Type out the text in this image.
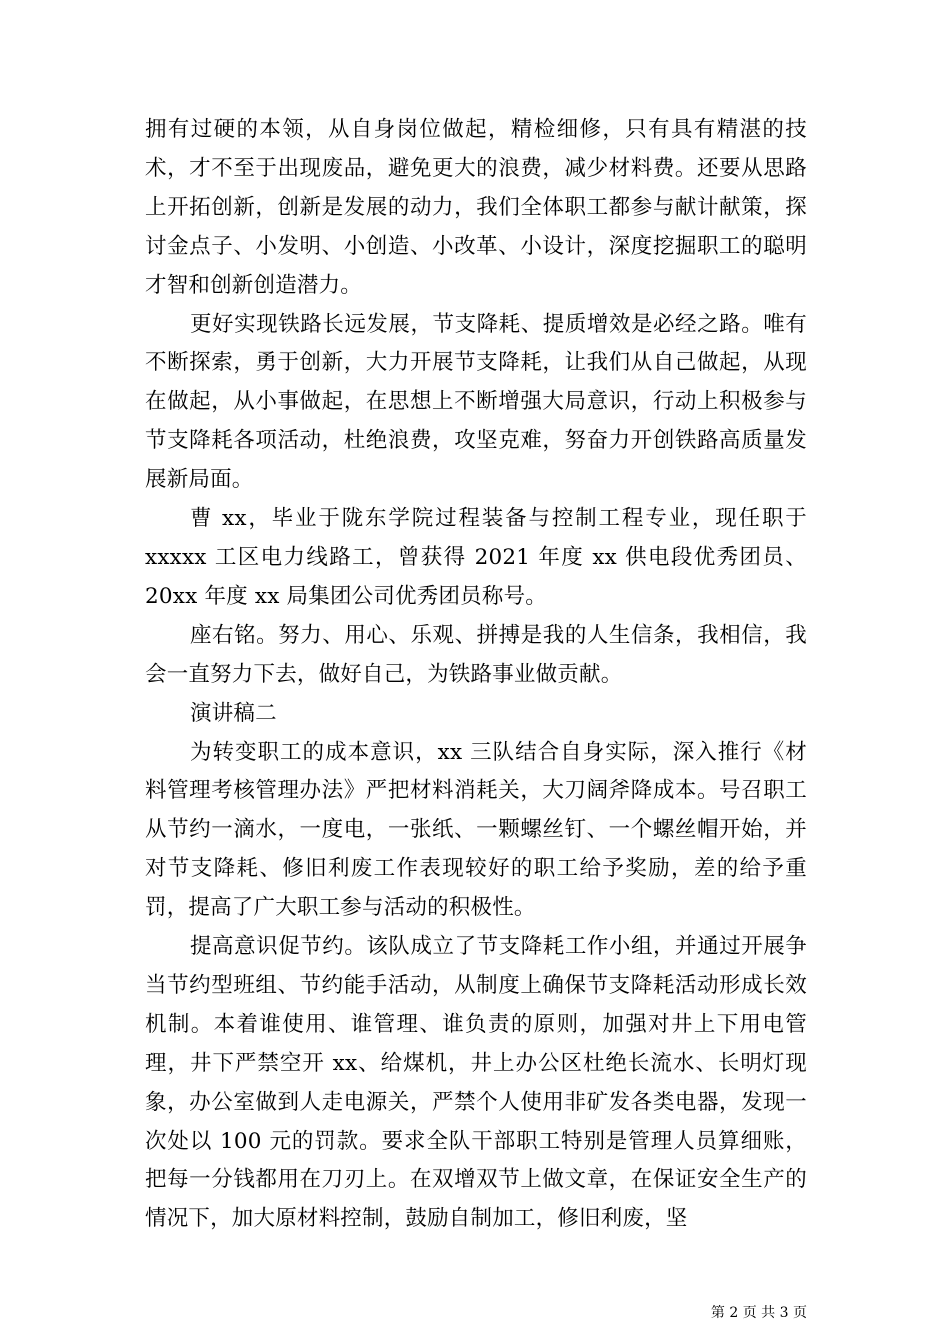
拥有过硬的本领，从自身岗位做起，精检细修，只有具有精湛的技术，才不至于出现废品，避免更大的浪费，减少材料费。还要从思路上开拓创新，创新是发展的动力，我们全体职工都参与献计献策，探讨金点子、小发明、小创造、小改革、小设计，深度挖掘职工的聪明才智和创新创造潜力。

更好实现铁路长远发展，节支降耗、提质增效是必经之路。唯有不断探索，勇于创新，大力开展节支降耗，让我们从自己做起，从现在做起，从小事做起，在思想上不断增强大局意识，行动上积极参与节支降耗各项活动，杜绝浪费，攻坚克难，努奋力开创铁路高质量发展新局面。

曹 xx，毕业于陇东学院过程装备与控制工程专业，现任职于xxxxx 工区电力线路工，曾获得 2021 年度 xx 供电段优秀团员、20xx 年度 xx 局集团公司优秀团员称号。

座右铭。努力、用心、乐观、拼搏是我的人生信条，我相信，我会一直努力下去，做好自己，为铁路事业做贡献。

演讲稿二

为转变职工的成本意识，xx 三队结合自身实际，深入推行《材料管理考核管理办法》严把材料消耗关，大刀阔斧降成本。号召职工从节约一滴水，一度电，一张纸、一颗螺丝钉、一个螺丝帽开始，并对节支降耗、修旧利废工作表现较好的职工给予奖励，差的给予重罚，提高了广大职工参与活动的积极性。

提高意识促节约。该队成立了节支降耗工作小组，并通过开展争当节约型班组、节约能手活动，从制度上确保节支降耗活动形成长效机制。本着谁使用、谁管理、谁负责的原则，加强对井上下用电管理，井下严禁空开 xx、给煤机，井上办公区杜绝长流水、长明灯现象，办公室做到人走电源关，严禁个人使用非矿发各类电器，发现一次处以 100 元的罚款。要求全队干部职工特别是管理人员算细账，把每一分钱都用在刀刃上。在双增双节上做文章，在保证安全生产的情况下，加大原材料控制，鼓励自制加工，修旧利废，坚

第 2 页 共 3 页
